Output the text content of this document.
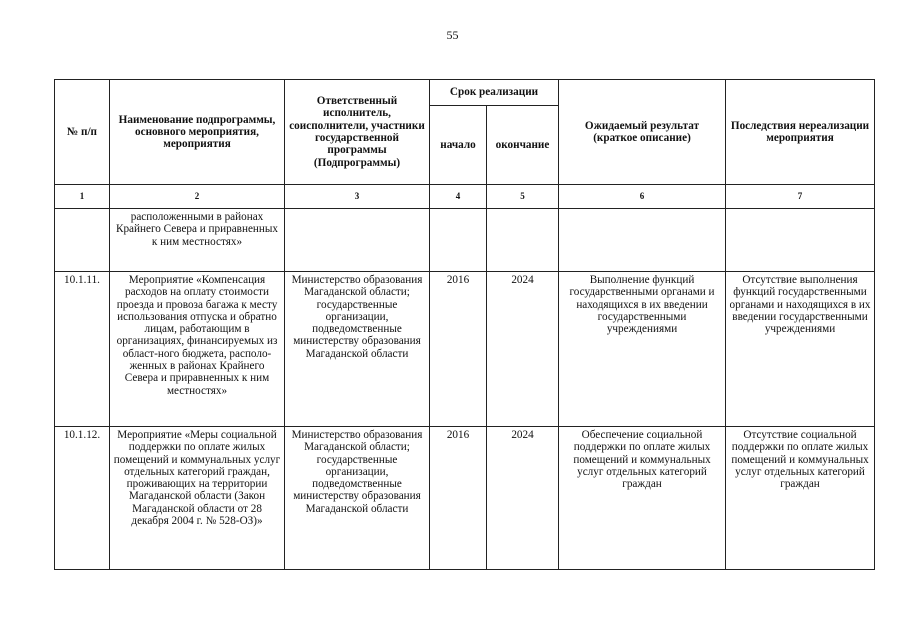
55
№ п/п	Наименование подпрограммы, основного мероприятия, мероприятия	Ответственный исполнитель, соисполнители, участники государственной программы (Подпрограммы)	Срок реализации		Ожидаемый результат (краткое описание)	Последствия нереализации мероприятия
			начало	окончание		
1	2	3	4	5	6	7
	расположенными в районах Крайнего Севера и приравненных к ним местностях»					
10.1.11.	Мероприятие «Компенсация расходов на оплату стоимости проезда и провоза багажа к месту использования отпуска и обратно лицам, работающим в организациях, финансируемых из област-ного бюджета, располо-женных в районах Крайнего Севера и приравненных к ним местностях»	Министерство образования Магаданской области; государственные организации, подведомственные министерству образования Магаданской области	2016	2024	Выполнение функций государственными органами и находящихся в их введении государственными учреждениями	Отсутствие выполнения функций государственными органами и находящихся в их введении государственными учреждениями
10.1.12.	Мероприятие «Меры социальной поддержки по оплате жилых помещений и коммунальных услуг отдельных категорий граждан, проживающих на территории Магаданской области (Закон Магаданской области от 28 декабря 2004 г. № 528-ОЗ)»	Министерство образования Магаданской области; государственные организации, подведомственные министерству образования Магаданской области	2016	2024	Обеспечение социальной поддержки по оплате жилых помещений и коммунальных услуг отдельных категорий граждан	Отсутствие социальной поддержки по оплате жилых помещений и коммунальных услуг отдельных категорий граждан
